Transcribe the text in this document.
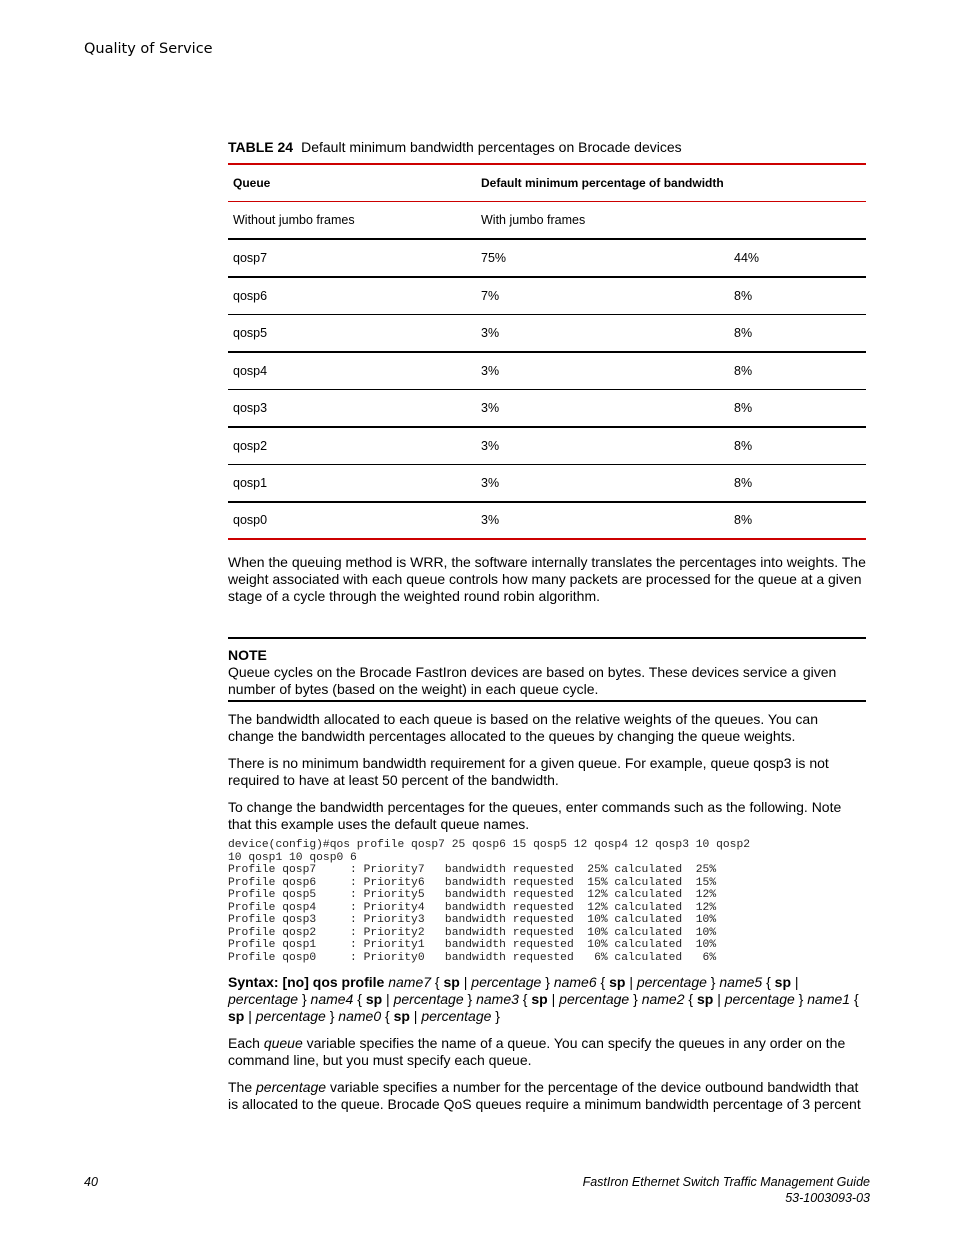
Quality of Service
TABLE 24 Default minimum bandwidth percentages on Brocade devices
Queue	Default minimum percentage of bandwidth	
Without jumbo frames	With jumbo frames	
qosp7	75%	44%
qosp6	7%	8%
qosp5	3%	8%
qosp4	3%	8%
qosp3	3%	8%
qosp2	3%	8%
qosp1	3%	8%
qosp0	3%	8%

When the queuing method is WRR, the software internally translates the percentages into weights. The weight associated with each queue controls how many packets are processed for the queue at a given stage of a cycle through the weighted round robin algorithm.

NOTE

Queue cycles on the Brocade FastIron devices are based on bytes. These devices service a given number of bytes (based on the weight) in each queue cycle.

The bandwidth allocated to each queue is based on the relative weights of the queues. You can change the bandwidth percentages allocated to the queues by changing the queue weights.

There is no minimum bandwidth requirement for a given queue. For example, queue qosp3 is not required to have at least 50 percent of the bandwidth.

To change the bandwidth percentages for the queues, enter commands such as the following. Note that this example uses the default queue names.

device(config)#qos profile qosp7 25 qosp6 15 qosp5 12 qosp4 12 qosp3 10 qosp2
10 qosp1 10 qosp0 6
Profile qosp7     : Priority7   bandwidth requested  25% calculated  25%
Profile qosp6     : Priority6   bandwidth requested  15% calculated  15%
Profile qosp5     : Priority5   bandwidth requested  12% calculated  12%
Profile qosp4     : Priority4   bandwidth requested  12% calculated  12%
Profile qosp3     : Priority3   bandwidth requested  10% calculated  10%
Profile qosp2     : Priority2   bandwidth requested  10% calculated  10%
Profile qosp1     : Priority1   bandwidth requested  10% calculated  10%
Profile qosp0     : Priority0   bandwidth requested   6% calculated   6%

Syntax: [no] qos profile name7 { sp | percentage } name6 { sp | percentage } name5 { sp | percentage } name4 { sp | percentage } name3 { sp | percentage } name2 { sp | percentage } name1 { sp | percentage } name0 { sp | percentage }

Each queue variable specifies the name of a queue. You can specify the queues in any order on the command line, but you must specify each queue.

The percentage variable specifies a number for the percentage of the device outbound bandwidth that is allocated to the queue. Brocade QoS queues require a minimum bandwidth percentage of 3 percent

40	FastIron Ethernet Switch Traffic Management Guide
53-1003093-03
